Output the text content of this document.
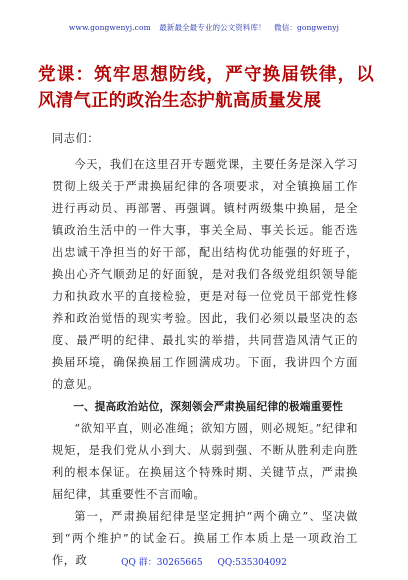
www.gongwenyj.com 最新最全最专业的公文资料库！ 微信：gongwenyj
党课：筑牢思想防线，严守换届铁律，以风清气正的政治生态护航高质量发展

同志们：

今天，我们在这里召开专题党课，主要任务是深入学习贯彻上级关于严肃换届纪律的各项要求，对全镇换届工作进行再动员、再部署、再强调。镇村两级集中换届，是全镇政治生活中的一件大事，事关全局、事关长远。能否选出忠诚干净担当的好干部，配出结构优功能强的好班子，换出心齐气顺劲足的好面貌，是对我们各级党组织领导能力和执政水平的直接检验，更是对每一位党员干部党性修养和政治觉悟的现实考验。因此，我们必须以最坚决的态度、最严明的纪律、最扎实的举措，共同营造风清气正的换届环境，确保换届工作圆满成功。下面，我讲四个方面的意见。

一、提高政治站位，深刻领会严肃换届纪律的极端重要性

“欲知平直，则必准绳；欲知方圆，则必规矩。”纪律和规矩，是我们党从小到大、从弱到强、不断从胜利走向胜利的根本保证。在换届这个特殊时期、关键节点，严肃换届纪律，其重要性不言而喻。

第一，严肃换届纪律是坚定拥护“两个确立”、坚决做到“两个维护”的试金石。换届工作本质上是一项政治工作，政	QQ 群：30265665 QQ:535304092
